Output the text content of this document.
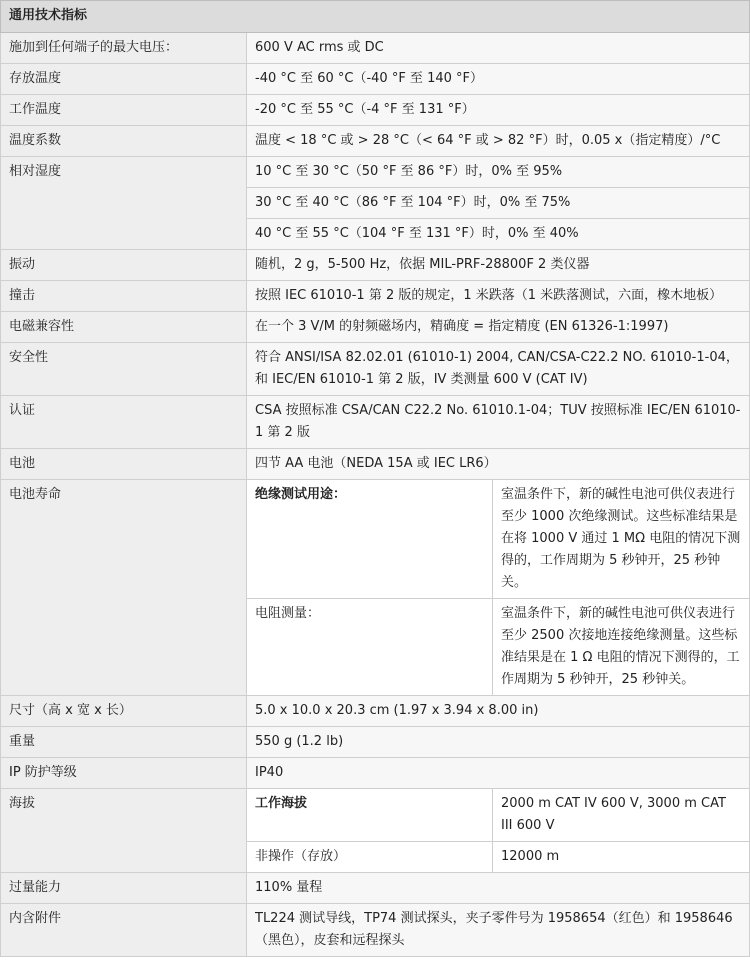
通用技术指标		
施加到任何端子的最大电压：	600 V AC rms 或 DC	
存放温度	-40 °C 至 60 °C（-40 °F 至 140 °F）	
工作温度	-20 °C 至 55 °C（-4 °F 至 131 °F）	
温度系数	温度 < 18 °C 或 > 28 °C（< 64 °F 或 > 82 °F）时，0.05 x（指定精度）/°C	
相对湿度	10 °C 至 30 °C（50 °F 至 86 °F）时，0% 至 95%	
	30 °C 至 40 °C（86 °F 至 104 °F）时，0% 至 75%	
	40 °C 至 55 °C（104 °F 至 131 °F）时，0% 至 40%	
振动	随机，2 g，5-500 Hz，依据 MIL-PRF-28800F 2 类仪器	
撞击	按照 IEC 61010-1 第 2 版的规定，1 米跌落（1 米跌落测试，六面，橡木地板）	
电磁兼容性	在一个 3 V/M 的射频磁场内，精确度 = 指定精度 (EN 61326-1:1997)	
安全性	符合 ANSI/ISA 82.02.01 (61010-1) 2004, CAN/CSA-C22.2 NO. 61010-1-04，和 IEC/EN 61010-1 第 2 版，IV 类测量 600 V (CAT IV)	
认证	CSA 按照标准 CSA/CAN C22.2 No. 61010.1-04；TUV 按照标准 IEC/EN 61010-1 第 2 版	
电池	四节 AA 电池（NEDA 15A 或 IEC LR6）	
电池寿命	绝缘测试用途：	室温条件下，新的碱性电池可供仪表进行至少 1000 次绝缘测试。这些标准结果是在将 1000 V 通过 1 MΩ 电阻的情况下测得的，工作周期为 5 秒钟开，25 秒钟关。
	电阻测量：	室温条件下，新的碱性电池可供仪表进行至少 2500 次接地连接绝缘测量。这些标准结果是在 1 Ω 电阻的情况下测得的，工作周期为 5 秒钟开，25 秒钟关。
尺寸（高 x 宽 x 长）	5.0 x 10.0 x 20.3 cm (1.97 x 3.94 x 8.00 in)	
重量	550 g (1.2 lb)	
IP 防护等级	IP40	
海拔	工作海拔	2000 m CAT IV 600 V, 3000 m CAT III 600 V
	非操作（存放）	12000 m
过量能力	110% 量程	
内含附件	TL224 测试导线，TP74 测试探头，夹子零件号为 1958654（红色）和 1958646（黑色），皮套和远程探头	
